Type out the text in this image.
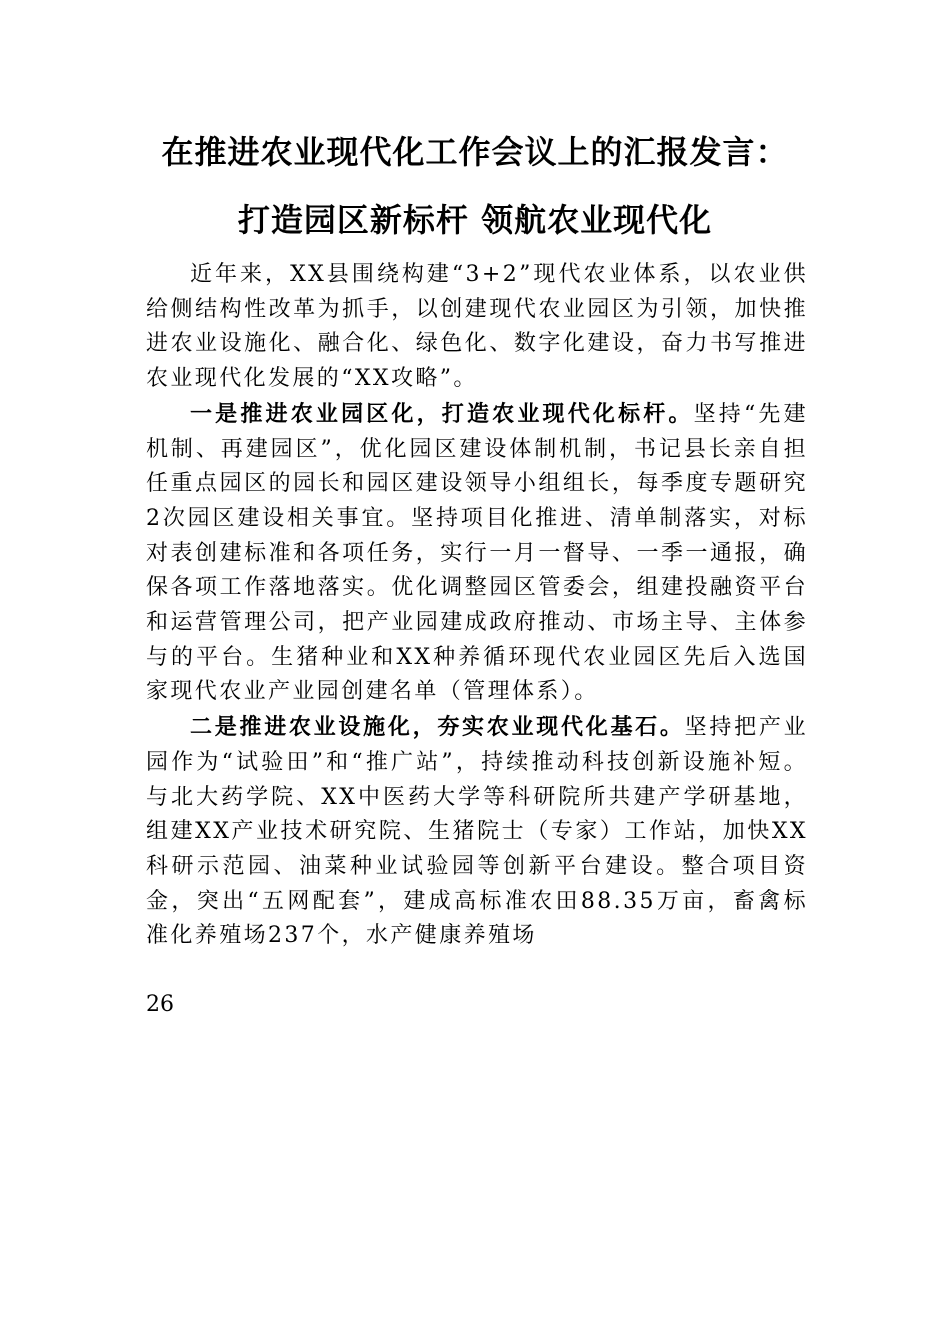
在推进农业现代化工作会议上的汇报发言：
打造园区新标杆 领航农业现代化

近年来，XX县围绕构建“3+2”现代农业体系，以农业供给侧结构性改革为抓手，以创建现代农业园区为引领，加快推进农业设施化、融合化、绿色化、数字化建设，奋力书写推进农业现代化发展的“XX攻略”。

一是推进农业园区化，打造农业现代化标杆。坚持“先建机制、再建园区”，优化园区建设体制机制，书记县长亲自担任重点园区的园长和园区建设领导小组组长，每季度专题研究2次园区建设相关事宜。坚持项目化推进、清单制落实，对标对表创建标准和各项任务，实行一月一督导、一季一通报，确保各项工作落地落实。优化调整园区管委会，组建投融资平台和运营管理公司，把产业园建成政府推动、市场主导、主体参与的平台。生猪种业和XX种养循环现代农业园区先后入选国家现代农业产业园创建名单（管理体系）。

二是推进农业设施化，夯实农业现代化基石。坚持把产业园作为“试验田”和“推广站”，持续推动科技创新设施补短。与北大药学院、XX中医药大学等科研院所共建产学研基地，组建XX产业技术研究院、生猪院士（专家）工作站，加快XX科研示范园、油菜种业试验园等创新平台建设。整合项目资金，突出“五网配套”，建成高标准农田88.35万亩，畜禽标准化养殖场237个，水产健康养殖场

26
